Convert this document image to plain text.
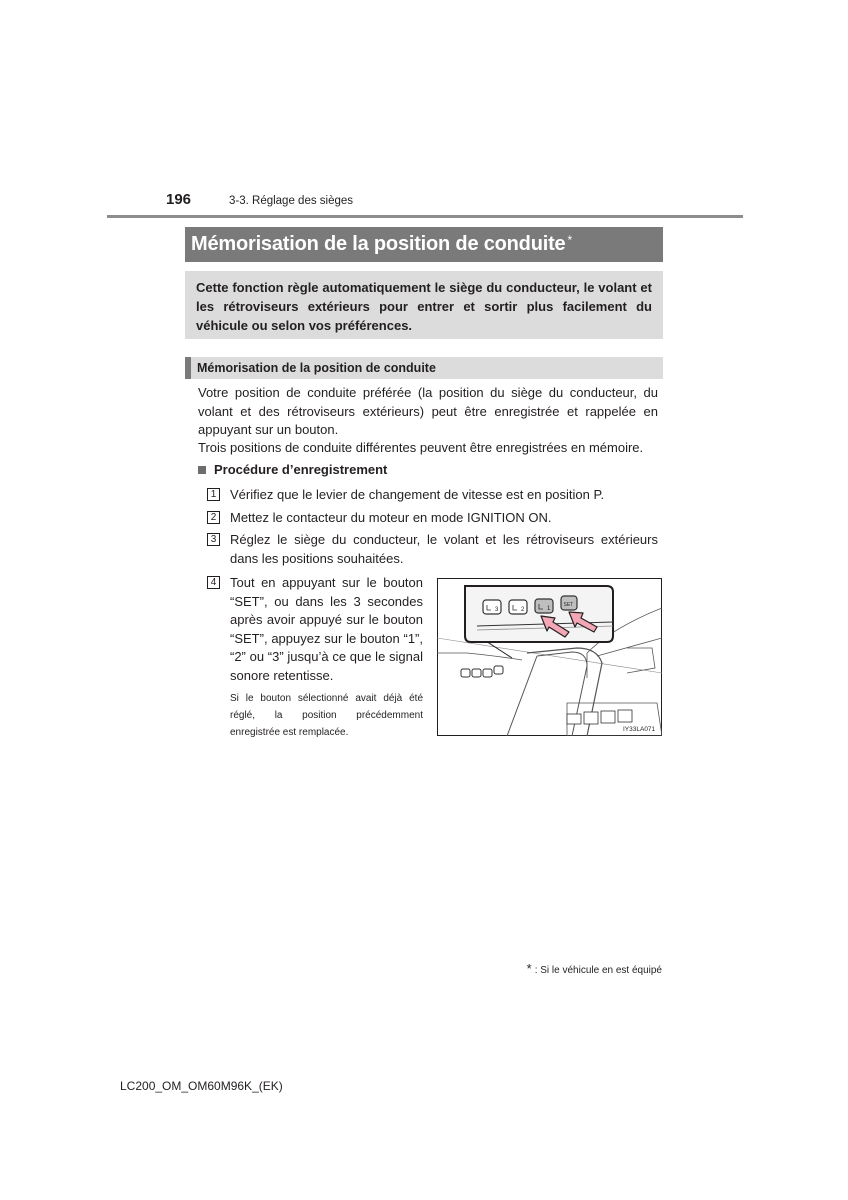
196	3-3. Réglage des sièges
Mémorisation de la position de conduite *
Cette fonction règle automatiquement le siège du conducteur, le volant et les rétroviseurs extérieurs pour entrer et sortir plus facilement du véhicule ou selon vos préférences.
Mémorisation de la position de conduite
Votre position de conduite préférée (la position du siège du conducteur, du volant et des rétroviseurs extérieurs) peut être enregistrée et rappelée en appuyant sur un bouton.
Trois positions de conduite différentes peuvent être enregistrées en mémoire.
Procédure d’enregistrement
1 Vérifiez que le levier de changement de vitesse est en position P.
2 Mettez le contacteur du moteur en mode IGNITION ON.
3 Réglez le siège du conducteur, le volant et les rétroviseurs extérieurs dans les positions souhaitées.
4 Tout en appuyant sur le bouton “SET”, ou dans les 3 secondes après avoir appuyé sur le bouton “SET”, appuyez sur le bouton “1”, “2” ou “3” jusqu’à ce que le signal sonore retentisse.
Si le bouton sélectionné avait déjà été réglé, la position précédemment enregistrée est remplacée.
3	2	1
SET
IY33LA071
* : Si le véhicule en est équipé
LC200_OM_OM60M96K_(EK)
